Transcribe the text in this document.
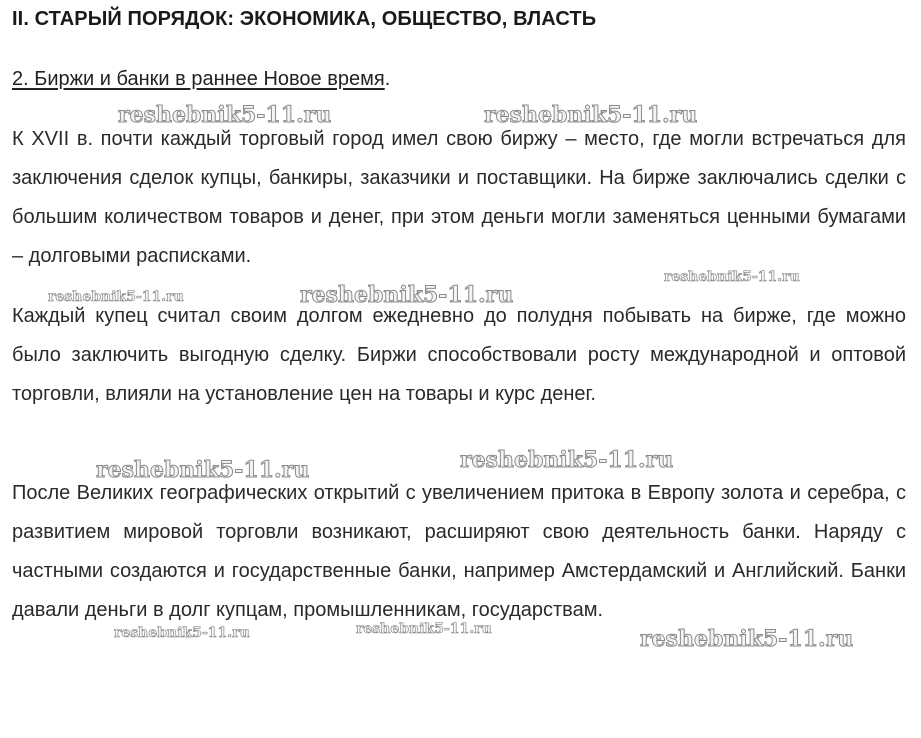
II. СТАРЫЙ ПОРЯДОК: ЭКОНОМИКА, ОБЩЕСТВО, ВЛАСТЬ
2. Биржи и банки в раннее Новое время.
К XVII в. почти каждый торговый город имел свою биржу – место, где могли встречаться для заключения сделок купцы, банкиры, заказчики и поставщики. На бирже заключались сделки с большим количеством товаров и денег, при этом деньги могли заменяться ценными бумагами – долговыми расписками.
Каждый купец считал своим долгом ежедневно до полудня побывать на бирже, где можно было заключить выгодную сделку. Биржи способствовали росту международной и оптовой торговли, влияли на установление цен на товары и курс денег.
После Великих географических открытий с увеличением притока в Европу золота и серебра, с развитием мировой торговли возникают, расширяют свою деятельность банки. Наряду с частными создаются и государственные банки, например Амстердамский и Английский. Банки давали деньги в долг купцам, промышленникам, государствам.
reshebnik5-11.ru	reshebnik5-11.ru
reshebnik5-11.ru
reshebnik5-11.ru	reshebnik5-11.ru
reshebnik5-11.ru	reshebnik5-11.ru
reshebnik5-11.ru	reshebnik5-11.ru	reshebnik5-11.ru
